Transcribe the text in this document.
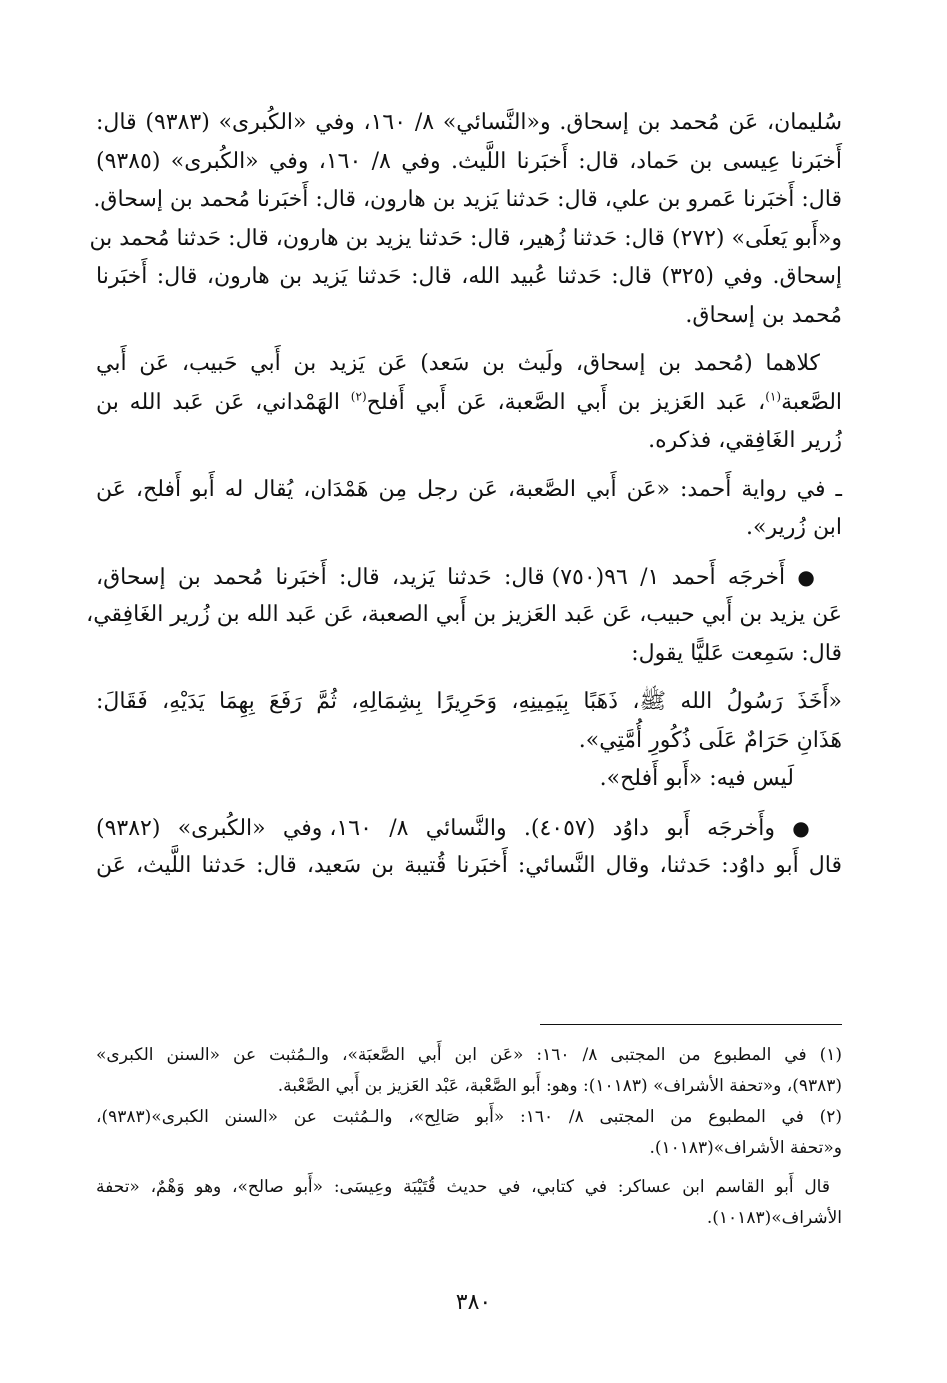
سُليمان، عَن مُحمد بن إسحاق. و«النَّسائي» ٨/ ١٦٠، وفي «الكُبرى» (٩٣٨٣) قال:
أَخبَرنا عِيسى بن حَماد، قال: أَخبَرنا اللَّيث. وفي ٨/ ١٦٠، وفي «الكُبرى» (٩٣٨٥)
قال: أَخبَرنا عَمرو بن علي، قال: حَدثنا يَزيد بن هارون، قال: أَخبَرنا مُحمد بن إسحاق.
و«أَبو يَعلَى» (٢٧٢) قال: حَدثنا زُهير، قال: حَدثنا يزيد بن هارون، قال: حَدثنا مُحمد بن
إسحاق. وفي (٣٢٥) قال: حَدثنا عُبيد الله، قال: حَدثنا يَزيد بن هارون، قال: أَخبَرنا
مُحمد بن إسحاق.
كلاهما (مُحمد بن إسحاق، ولَيث بن سَعد) عَن يَزيد بن أَبي حَبيب، عَن أَبي
الصَّعبة$^{(١)}$، عَبد العَزيز بن أَبي الصَّعبة، عَن أَبي أَفلح$^{(٢)}$ الهَمْداني، عَن عَبد الله بن
زُرير الغَافِقي، فذكره.
ـ في رواية أَحمد: «عَن أَبي الصَّعبة، عَن رجل مِن هَمْدَان، يُقال له أَبو أَفلح، عَن
ابن زُرير».
● أَخرجَه أَحمد ١/ ٩٦(٧٥٠) قال: حَدثنا يَزيد، قال: أَخبَرنا مُحمد بن إسحاق،
عَن يزيد بن أَبي حبيب، عَن عَبد العَزيز بن أَبي الصعبة، عَن عَبد الله بن زُرير الغَافِقي،
قال: سَمِعت عَليًّا يقول:
«أَخَذَ رَسُولُ الله ﷺ، ذَهَبًا بِيَمِينِهِ، وَحَرِيرًا بِشِمَالِهِ، ثُمَّ رَفَعَ بِهِمَا يَدَيْهِ، فَقَالَ:
هَذَانِ حَرَامٌ عَلَى ذُكُورِ أُمَّتِي».
لَيس فيه: «أَبو أَفلح».
● وأَخرجَه أَبو داوُد (٤٠٥٧). والنَّسائي ٨/ ١٦٠، وفي «الكُبرى» (٩٣٨٢)
قال أَبو داوُد: حَدثنا، وقال النَّسائي: أَخبَرنا قُتيبة بن سَعيد، قال: حَدثنا اللَّيث، عَن
(١) في المطبوع من المجتبى ٨/ ١٦٠: «عَن ابن أَبي الصَّعبَة»، والـمُثبت عن «السنن الكبرى»
(٩٣٨٣)، و«تحفة الأشراف» (١٠١٨٣): وهو: أَبو الصَّعْبة، عَبْد العَزيز بن أَبي الصَّعْبة.
(٢) في المطبوع من المجتبى ٨/ ١٦٠: «أَبو صَالِح»، والـمُثبت عن «السنن الكبرى»(٩٣٨٣)،
و«تحفة الأشراف»(١٠١٨٣).
قال أَبو القاسم ابن عساكر: في كتابي، في حديث قُتَيْبَة وعِيسَى: «أَبو صالح»، وهو وَهْمٌ، «تحفة
الأشراف»(١٠١٨٣).
٣٨٠
